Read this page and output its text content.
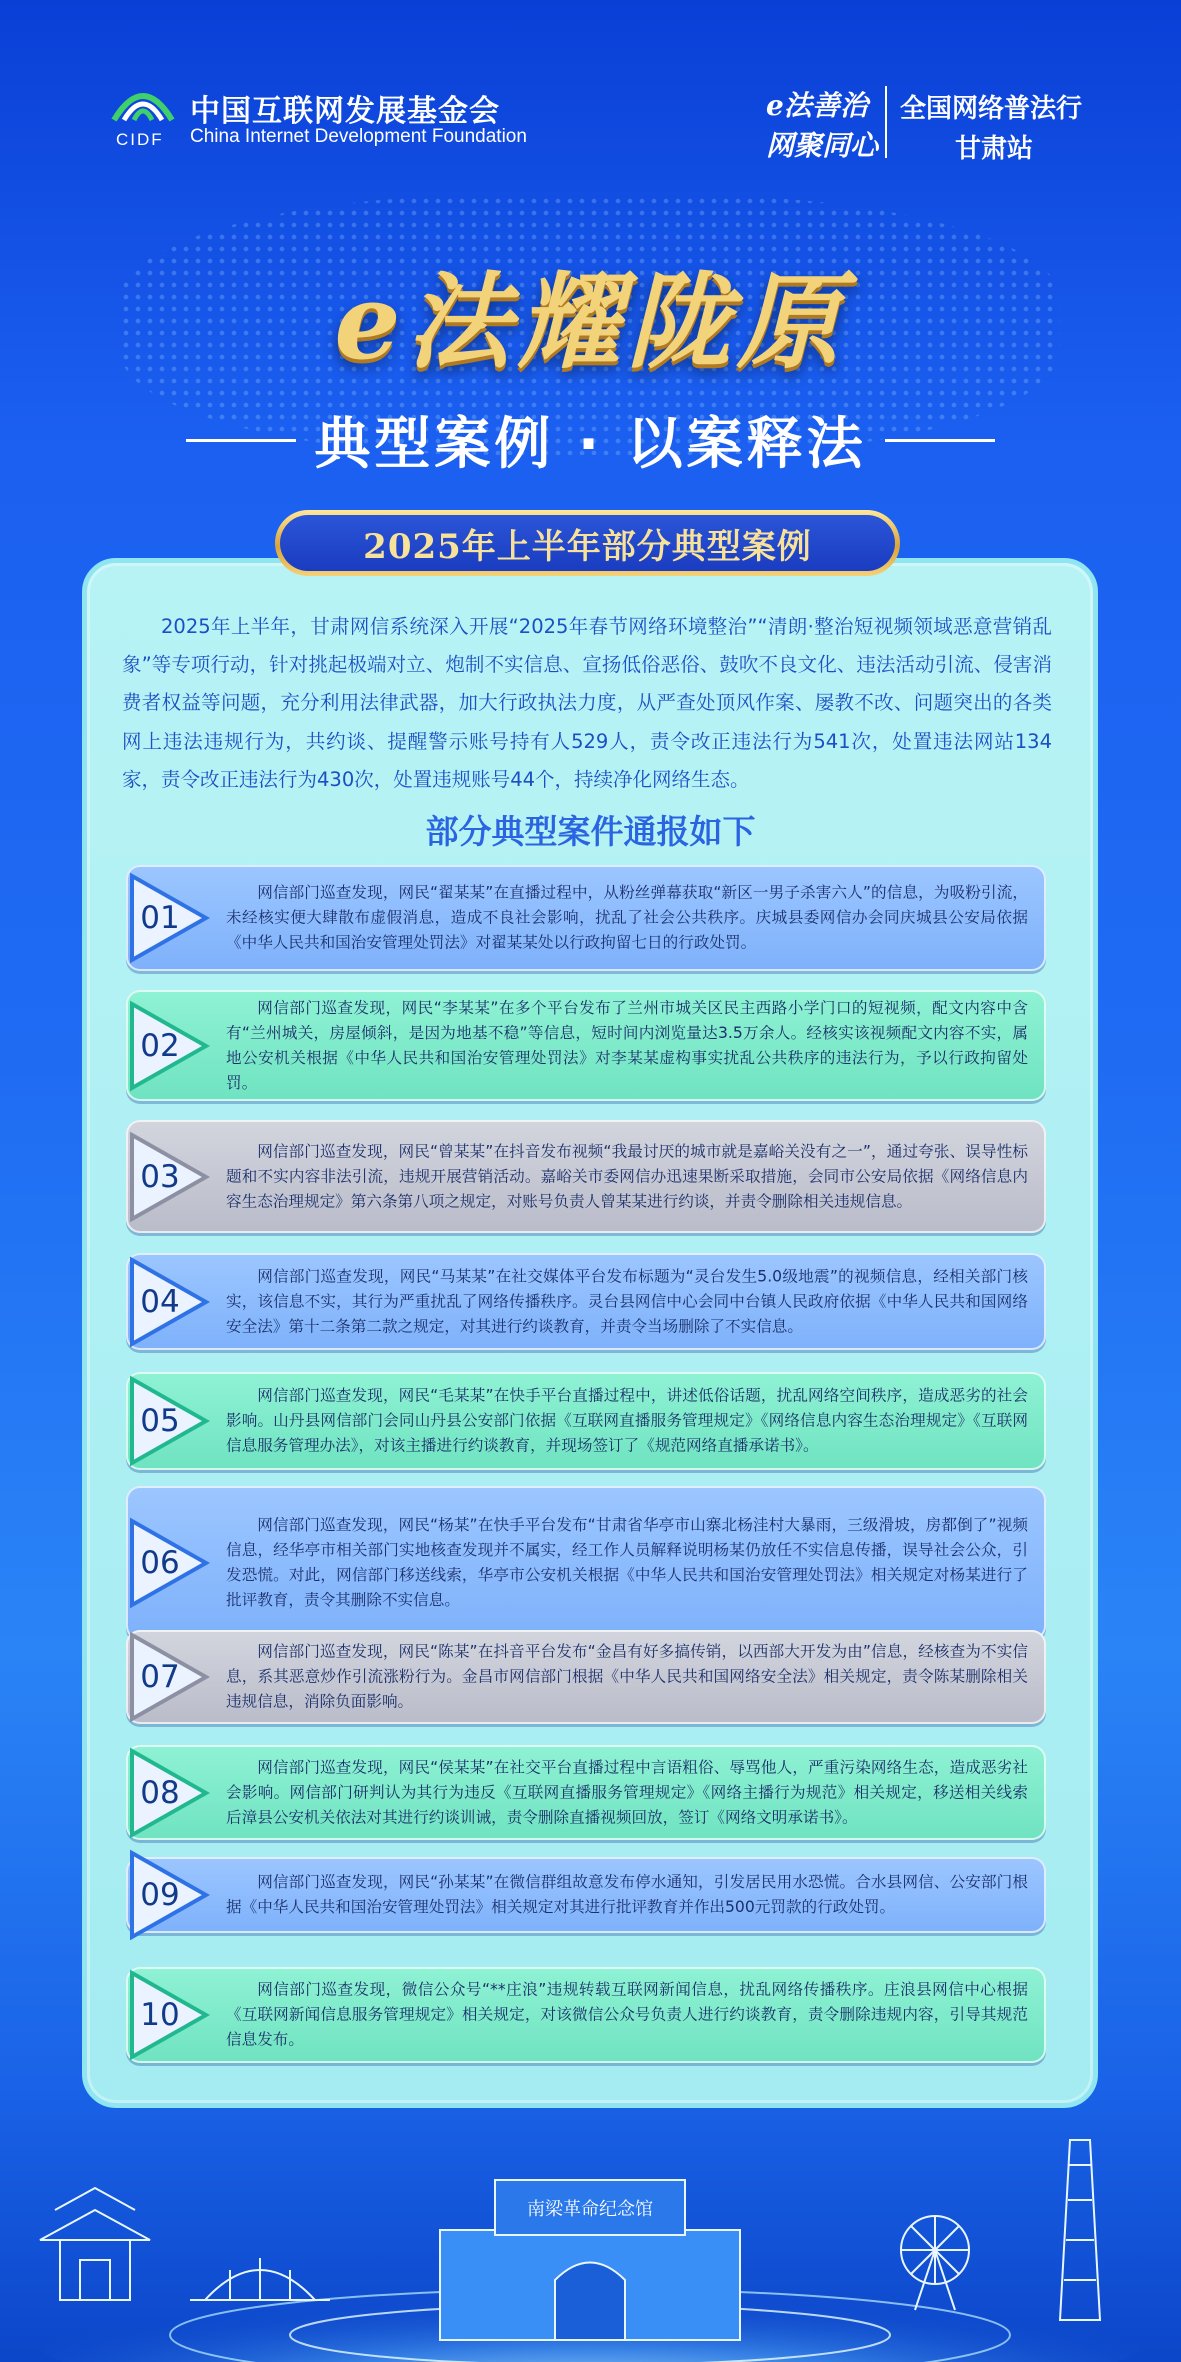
中国互联网发展基金会
CIDF China Internet Development Foundation
e法善治
网聚同心
全国网络普法行
甘肃站
e法耀陇原
典型案例 · 以案释法
2025年上半年部分典型案例
2025年上半年，甘肃网信系统深入开展“2025年春节网络环境整治”“清朗·整治短视频领域恶意营销乱象”等专项行动，针对挑起极端对立、炮制不实信息、宣扬低俗恶俗、鼓吹不良文化、违法活动引流、侵害消费者权益等问题，充分利用法律武器，加大行政执法力度，从严查处顶风作案、屡教不改、问题突出的各类网上违法违规行为，共约谈、提醒警示账号持有人529人，责令改正违法行为541次，处置违法网站134家，责令改正违法行为430次，处置违规账号44个，持续净化网络生态。
部分典型案件通报如下
01
网信部门巡查发现，网民“翟某某”在直播过程中，从粉丝弹幕获取“新区一男子杀害六人”的信息，为吸粉引流，未经核实便大肆散布虚假消息，造成不良社会影响，扰乱了社会公共秩序。庆城县委网信办会同庆城县公安局依据《中华人民共和国治安管理处罚法》对翟某某处以行政拘留七日的行政处罚。
02
网信部门巡查发现，网民“李某某”在多个平台发布了兰州市城关区民主西路小学门口的短视频，配文内容中含有“兰州城关，房屋倾斜，是因为地基不稳”等信息，短时间内浏览量达3.5万余人。经核实该视频配文内容不实，属地公安机关根据《中华人民共和国治安管理处罚法》对李某某虚构事实扰乱公共秩序的违法行为，予以行政拘留处罚。
03
网信部门巡查发现，网民“曾某某”在抖音发布视频“我最讨厌的城市就是嘉峪关没有之一”，通过夸张、误导性标题和不实内容非法引流，违规开展营销活动。嘉峪关市委网信办迅速果断采取措施，会同市公安局依据《网络信息内容生态治理规定》第六条第八项之规定，对账号负责人曾某某进行约谈，并责令删除相关违规信息。
04
网信部门巡查发现，网民“马某某”在社交媒体平台发布标题为“灵台发生5.0级地震”的视频信息，经相关部门核实，该信息不实，其行为严重扰乱了网络传播秩序。灵台县网信中心会同中台镇人民政府依据《中华人民共和国网络安全法》第十二条第二款之规定，对其进行约谈教育，并责令当场删除了不实信息。
05
网信部门巡查发现，网民“毛某某”在快手平台直播过程中，讲述低俗话题，扰乱网络空间秩序，造成恶劣的社会影响。山丹县网信部门会同山丹县公安部门依据《互联网直播服务管理规定》《网络信息内容生态治理规定》《互联网信息服务管理办法》，对该主播进行约谈教育，并现场签订了《规范网络直播承诺书》。
06
网信部门巡查发现，网民“杨某”在快手平台发布“甘肃省华亭市山寨北杨洼村大暴雨，三级滑坡，房都倒了”视频信息，经华亭市相关部门实地核查发现并不属实，经工作人员解释说明杨某仍放任不实信息传播，误导社会公众，引发恐慌。对此，网信部门移送线索，华亭市公安机关根据《中华人民共和国治安管理处罚法》相关规定对杨某进行了批评教育，责令其删除不实信息。
07
网信部门巡查发现，网民“陈某”在抖音平台发布“金昌有好多搞传销，以西部大开发为由”信息，经核查为不实信息，系其恶意炒作引流涨粉行为。金昌市网信部门根据《中华人民共和国网络安全法》相关规定，责令陈某删除相关违规信息，消除负面影响。
08
网信部门巡查发现，网民“侯某某”在社交平台直播过程中言语粗俗、辱骂他人，严重污染网络生态，造成恶劣社会影响。网信部门研判认为其行为违反《互联网直播服务管理规定》《网络主播行为规范》相关规定，移送相关线索后漳县公安机关依法对其进行约谈训诫，责令删除直播视频回放，签订《网络文明承诺书》。
09	网信部门巡查发现，网民“孙某某”在微信群组故意发布停水通知，引发居民用水恐慌。合水县网信、公安部门根据《中华人民共和国治安管理处罚法》相关规定对其进行批评教育并作出500元罚款的行政处罚。
10
网信部门巡查发现，微信公众号“**庄浪”违规转载互联网新闻信息，扰乱网络传播秩序。庄浪县网信中心根据《互联网新闻信息服务管理规定》相关规定，对该微信公众号负责人进行约谈教育，责令删除违规内容，引导其规范信息发布。
南梁革命纪念馆
